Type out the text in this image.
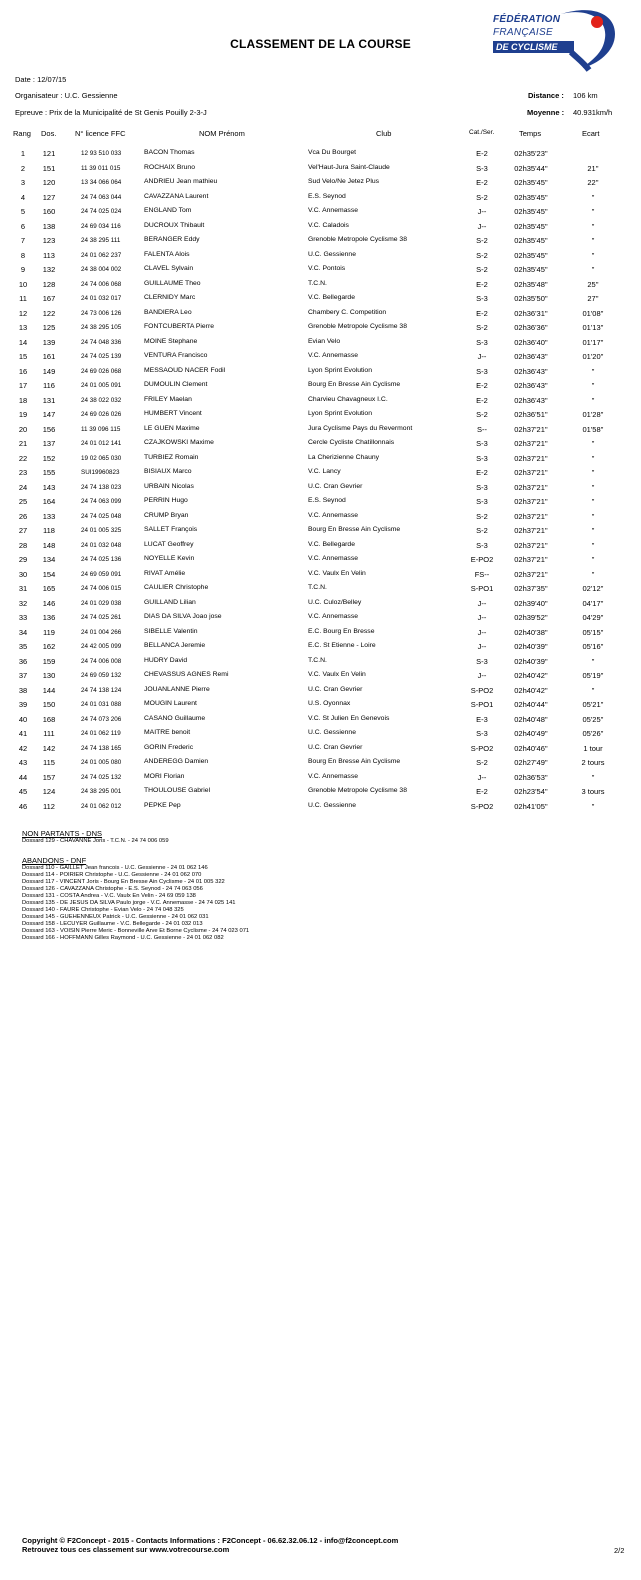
CLASSEMENT DE LA COURSE
FÉDÉRATION
FRANÇAISE
DE CYCLISME
Date : 12/07/15
Organisateur : U.C. Gessienne
Epreuve : Prix de la Municipalité de St Genis Pouilly 2-3-J
Distance : 106 km
Moyenne : 40.931km/h
Rang Dos. N° licence FFC	NOM Prénom	Club	Cat./Ser.	Temps	Ecart
1	121	12 93 510 033	BACON Thomas	Vca Du Bourget	E-2	02h35'23''
2	151	11 39 011 015	ROCHAIX Bruno	Vel'Haut-Jura Saint-Claude	S-3	02h35'44''	21''
3	120	13 34 066 064	ANDRIEU Jean mathieu	Sud Velo/Ne Jetez Plus	E-2	02h35'45''	22''
4	127	24 74 063 044	CAVAZZANA Laurent	E.S. Seynod	S-2	02h35'45''	''
5	160	24 74 025 024	ENGLAND Tom	V.C. Annemasse	J--	02h35'45''	''
6	138	24 69 034 116	DUCROUX Thibault	V.C. Caladois	J--	02h35'45''	''
7	123	24 38 295 111	BERANGER Eddy	Grenoble Metropole Cyclisme 38	S-2	02h35'45''	''
8	113	24 01 062 237	FALENTA Alois	U.C. Gessienne	S-2	02h35'45''	''
9	132	24 38 004 002	CLAVEL Sylvain	V.C. Pontois	S-2	02h35'45''	''
10	128	24 74 006 068	GUILLAUME Theo	T.C.N.	E-2	02h35'48''	25''
11	167	24 01 032 017	CLERNIDY Marc	V.C. Bellegarde	S-3	02h35'50''	27''
12	122	24 73 006 126	BANDIERA Leo	Chambery C. Competition	E-2	02h36'31''	01'08''
13	125	24 38 295 105	FONTCUBERTA Pierre	Grenoble Metropole Cyclisme 38	S-2	02h36'36''	01'13''
14	139	24 74 048 336	MOINE Stephane	Evian Velo	S-3	02h36'40''	01'17''
15	161	24 74 025 139	VENTURA Francisco	V.C. Annemasse	J--	02h36'43''	01'20''
16	149	24 69 026 068	MESSAOUD NACER Fodil	Lyon Sprint Evolution	S-3	02h36'43''	''
17	116	24 01 005 091	DUMOULIN Clement	Bourg En Bresse Ain Cyclisme	E-2	02h36'43''	''
18	131	24 38 022 032	FRILEY Maelan	Charvieu Chavagneux I.C.	E-2	02h36'43''	''
19	147	24 69 026 026	HUMBERT Vincent	Lyon Sprint Evolution	S-2	02h36'51''	01'28''
20	156	11 39 096 115	LE GUEN Maxime	Jura Cyclisme Pays du Revermont	S--	02h37'21''	01'58''
21	137	24 01 012 141	CZAJKOWSKI Maxime	Cercle Cycliste Chatillonnais	S-3	02h37'21''	''
22	152	19 02 065 030	TURBIEZ Romain	La Cherizienne Chauny	S-3	02h37'21''	''
23	155	SUI19960823	BISIAUX Marco	V.C. Lancy	E-2	02h37'21''	''
24	143	24 74 138 023	URBAIN Nicolas	U.C. Cran Gevrier	S-3	02h37'21''	''
25	164	24 74 063 099	PERRIN Hugo	E.S. Seynod	S-3	02h37'21''	''
26	133	24 74 025 048	CRUMP Bryan	V.C. Annemasse	S-2	02h37'21''	''
27	118	24 01 005 325	SALLET François	Bourg En Bresse Ain Cyclisme	S-2	02h37'21''	''
28	148	24 01 032 048	LUCAT Geoffrey	V.C. Bellegarde	S-3	02h37'21''	''
29	134	24 74 025 136	NOYELLE Kevin	V.C. Annemasse	E-PO2	02h37'21''	''
30	154	24 69 059 091	RIVAT Amélie	V.C. Vaulx En Velin	FS--	02h37'21''	''
31	165	24 74 006 015	CAULIER Christophe	T.C.N.	S-PO1	02h37'35''	02'12''
32	146	24 01 029 038	GUILLAND Lilian	U.C. Culoz/Belley	J--	02h39'40''	04'17''
33	136	24 74 025 261	DIAS DA SILVA Joao jose	V.C. Annemasse	J--	02h39'52''	04'29''
34	119	24 01 004 266	SIBELLE Valentin	E.C. Bourg En Bresse	J--	02h40'38''	05'15''
35	162	24 42 005 099	BELLANCA Jeremie	E.C. St Etienne - Loire	J--	02h40'39''	05'16''
36	159	24 74 006 008	HUDRY David	T.C.N.	S-3	02h40'39''	''
37	130	24 69 059 132	CHEVASSUS AGNES Remi	V.C. Vaulx En Velin	J--	02h40'42''	05'19''
38	144	24 74 138 124	JOUANLANNE Pierre	U.C. Cran Gevrier	S-PO2	02h40'42''	''
39	150	24 01 031 088	MOUGIN Laurent	U.S. Oyonnax	S-PO1	02h40'44''	05'21''
40	168	24 74 073 206	CASANO Guillaume	V.C. St Julien En Genevois	E-3	02h40'48''	05'25''
41	111	24 01 062 119	MAITRE benoit	U.C. Gessienne	S-3	02h40'49''	05'26''
42	142	24 74 138 165	GORIN Frederic	U.C. Cran Gevrier	S-PO2	02h40'46''	1 tour
43	115	24 01 005 080	ANDEREGG Damien	Bourg En Bresse Ain Cyclisme	S-2	02h27'49''	2 tours
44	157	24 74 025 132	MORI Florian	V.C. Annemasse	J--	02h36'53''	''
45	124	24 38 295 001	THOULOUSE Gabriel	Grenoble Metropole Cyclisme 38	E-2	02h23'54''	3 tours
46	112	24 01 062 012	PEPKE Pep	U.C. Gessienne	S-PO2	02h41'05''	''
NON PARTANTS - DNS
Dossard 129 - CHAVANNE Joris - T.C.N. - 24 74 006 059
ABANDONS - DNF
Dossard 110 - GAILLET Jean francois - U.C. Gessienne - 24 01 062 146
Dossard 114 - POIRIER Christophe - U.C. Gessienne - 24 01 062 070
Dossard 117 - VINCENT Joris - Bourg En Bresse Ain Cyclisme - 24 01 005 322
Dossard 126 - CAVAZZANA Christophe - E.S. Seynod - 24 74 063 056
Dossard 131 - COSTA Andrea - V.C. Vaulx En Velin - 24 69 059 138
Dossard 135 - DE JESUS DA SILVA Paulo jorge - V.C. Annemasse - 24 74 025 141
Dossard 140 - FAURE Christophe - Evian Velo - 24 74 048 325
Dossard 145 - GUEHENNEUX Patrick - U.C. Gessienne - 24 01 062 031
Dossard 158 - LECUYER Guillaume - V.C. Bellegarde - 24 01 032 013
Dossard 163 - VOISIN Pierre Meric - Bonneville Arve Et Borne Cyclisme - 24 74 023 071
Dossard 166 - HOFFMANN Gilles Raymond - U.C. Gessienne - 24 01 062 082
Copyright © F2Concept - 2015 - Contacts Informations : F2Concept - 06.62.32.06.12 - info@f2concept.com
Retrouvez tous ces classement sur www.votrecourse.com	2/2
